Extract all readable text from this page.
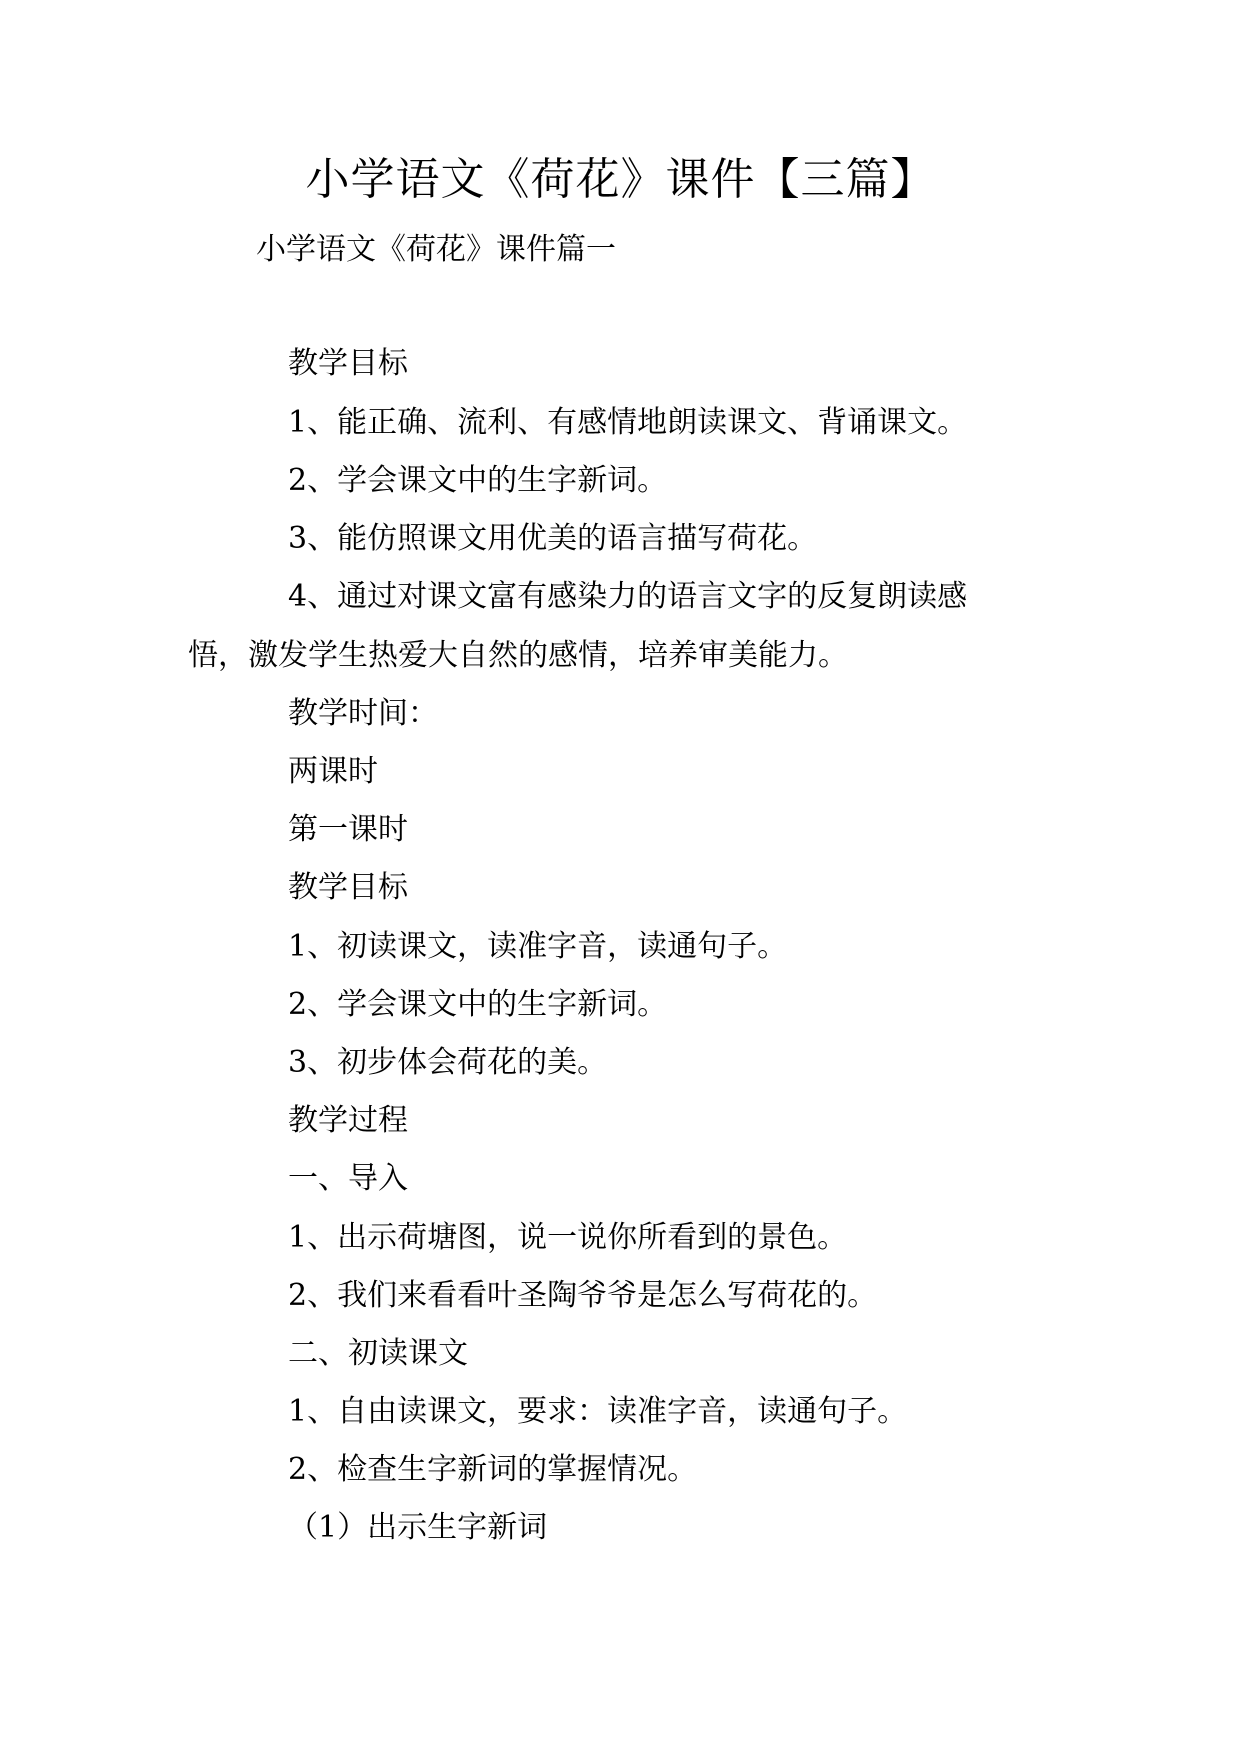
小学语文《荷花》课件【三篇】
小学语文《荷花》课件篇一
教学目标
1、能正确、流利、有感情地朗读课文、背诵课文。
2、学会课文中的生字新词。
3、能仿照课文用优美的语言描写荷花。
4、通过对课文富有感染力的语言文字的反复朗读感
悟，激发学生热爱大自然的感情，培养审美能力。
教学时间：
两课时
第一课时
教学目标
1、初读课文，读准字音，读通句子。
2、学会课文中的生字新词。
3、初步体会荷花的美。
教学过程
一、导入
1、出示荷塘图，说一说你所看到的景色。
2、我们来看看叶圣陶爷爷是怎么写荷花的。
二、初读课文
1、自由读课文，要求：读准字音，读通句子。
2、检查生字新词的掌握情况。
（1）出示生字新词
